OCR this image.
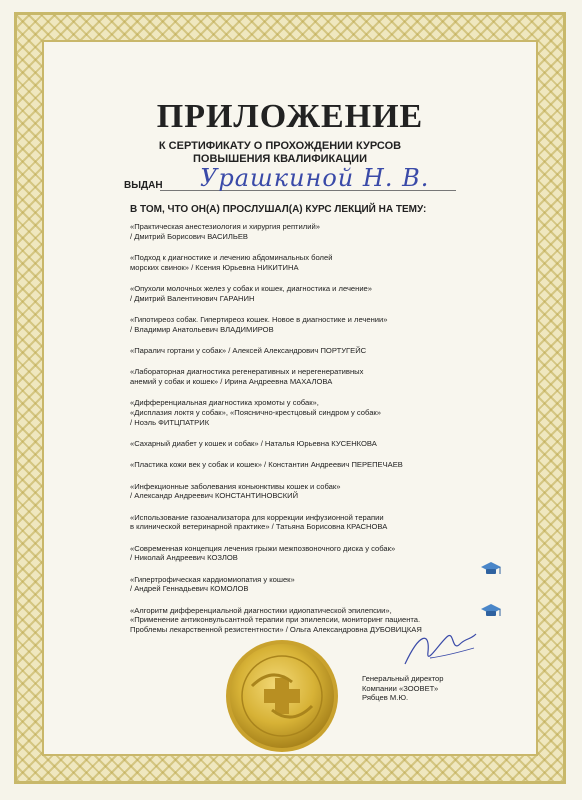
ПРИЛОЖЕНИЕ
К СЕРТИФИКАТУ О ПРОХОЖДЕНИИ КУРСОВ
ПОВЫШЕНИЯ КВАЛИФИКАЦИИ
ВЫДАН Урашкиной Н. В.
В ТОМ, ЧТО ОН(А) ПРОСЛУШАЛ(А) КУРС ЛЕКЦИЙ НА ТЕМУ:
«Практическая анестезиология и хирургия рептилий»
/ Дмитрий Борисович ВАСИЛЬЕВ
«Подход к диагностике и лечению абдоминальных болей
морских свинок» / Ксения Юрьевна НИКИТИНА
«Опухоли молочных желез у собак и кошек, диагностика и лечение»
/ Дмитрий Валентинович ГАРАНИН
«Гипотиреоз собак. Гипертиреоз кошек. Новое в диагностике и лечении»
/ Владимир Анатольевич ВЛАДИМИРОВ
«Паралич гортани у собак» / Алексей Александрович ПОРТУГЕЙС
«Лабораторная диагностика регенеративных и нерегенеративных
анемий у собак и кошек» / Ирина Андреевна МАХАЛОВА
«Дифференциальная диагностика хромоты у собак»,
«Дисплазия локтя у собак», «Пояснично-крестцовый синдром у собак»
/ Ноэль ФИТЦПАТРИК
«Сахарный диабет у кошек и собак» / Наталья Юрьевна КУСЕНКОВА
«Пластика кожи век у собак и кошек» / Константин Андреевич ПЕРЕПЕЧАЕВ
«Инфекционные заболевания коньюнктивы кошек и собак»
/ Александр Андреевич КОНСТАНТИНОВСКИЙ
«Использование газоанализатора для коррекции инфузионной терапии
в клинической ветеринарной практике» / Татьяна Борисовна КРАСНОВА
«Современная концепция лечения грыжи межпозвоночного диска у собак»
/ Николай Андреевич КОЗЛОВ
«Гипертрофическая кардиомиопатия у кошек»
/ Андрей Геннадьевич КОМОЛОВ
«Алгоритм дифференциальной диагностики идиопатической эпилепсии»,
«Применение антиконвульсантной терапии при эпилепсии, мониторинг пациента.
Проблемы лекарственной резистентности» / Ольга Александровна ДУБОВИЦКАЯ
Генеральный директор
Компании «ЗООВЕТ»
Рябцев М.Ю.
